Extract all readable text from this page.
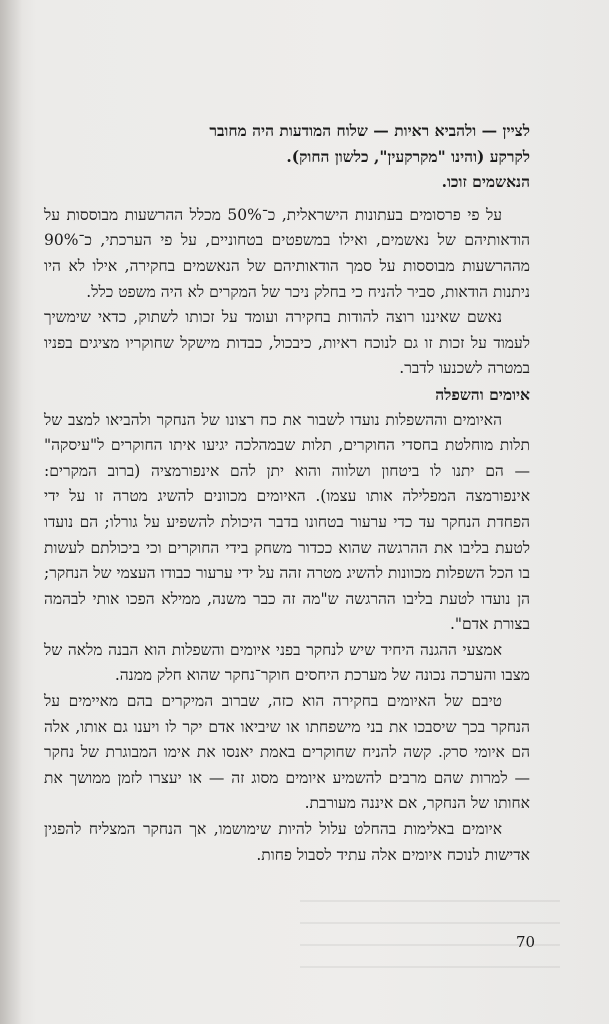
לציין — ולהביא ראיות — שלוח המודעות היה מחובר

לקרקע (והינו "מקרקעין", כלשון החוק).

הנאשמים זוכו.

על פי פרסומים בעתונות הישראלית, כ־50% מכלל ההרשעות מבוססות על הודאותיהם של נאשמים, ואילו במשפטים בטחוניים, על פי הערכתי, כ־90% מההרשעות מבוססות על סמך הודאותיהם של הנאשמים בחקירה, אילו לא היו ניתנות הודאות, סביר להניח כי בחלק ניכר של המקרים לא היה משפט כלל.

נאשם שאיננו רוצה להודות בחקירה ועומד על זכותו לשתוק, כדאי שימשיך לעמוד על זכות זו גם לנוכח ראיות, כיבכול, כבדות מישקל שחוקריו מציגים בפניו במטרה לשכנעו לדבר.

איומים והשפלה

האיומים וההשפלות נועדו לשבור את כח רצונו של הנחקר ולהביאו למצב של תלות מוחלטת בחסדי החוקרים, תלות שבמהלכה יגיעו איתו החוקרים ל"עיסקה" — הם יתנו לו ביטחון ושלווה והוא יתן להם אינפורמציה (ברוב המקרים: אינפורמצה המפלילה אותו עצמו). האיומים מכוונים להשיג מטרה זו על ידי הפחדת הנחקר עד כדי ערעור בטחונו בדבר היכולת להשפיע על גורלו; הם נועדו לטעת בליבו את ההרגשה שהוא ככדור משחק בידי החוקרים וכי ביכולתם לעשות בו הכל השפלות מכוונות להשיג מטרה זהה על ידי ערעור כבודו העצמי של הנחקר; הן נועדו לטעת בליבו ההרגשה ש"מה זה כבר משנה, ממילא הפכו אותי לבהמה בצורת אדם".

אמצעי ההגנה היחיד שיש לנחקר בפני איומים והשפלות הוא הבנה מלאה של מצבו והערכה נכונה של מערכת היחסים חוקר־נחקר שהוא חלק ממנה.

טיבם של האיומים בחקירה הוא כזה, שברוב המיקרים בהם מאיימים על הנחקר בכך שיסבכו את בני מישפחתו או שיביאו אדם יקר לו ויענו גם אותו, אלה הם איומי סרק. קשה להניח שחוקרים באמת יאנסו את אימו המבוגרת של נחקר — למרות שהם מרבים להשמיע איומים מסוג זה — או יעצרו לזמן ממושך את אחותו של הנחקר, אם איננה מעורבת.

איומים באלימות בהחלט עלול להיות שימושמו, אך הנחקר המצליח להפגין אדישות לנוכח איומים אלה עתיד לסבול פחות.

70
